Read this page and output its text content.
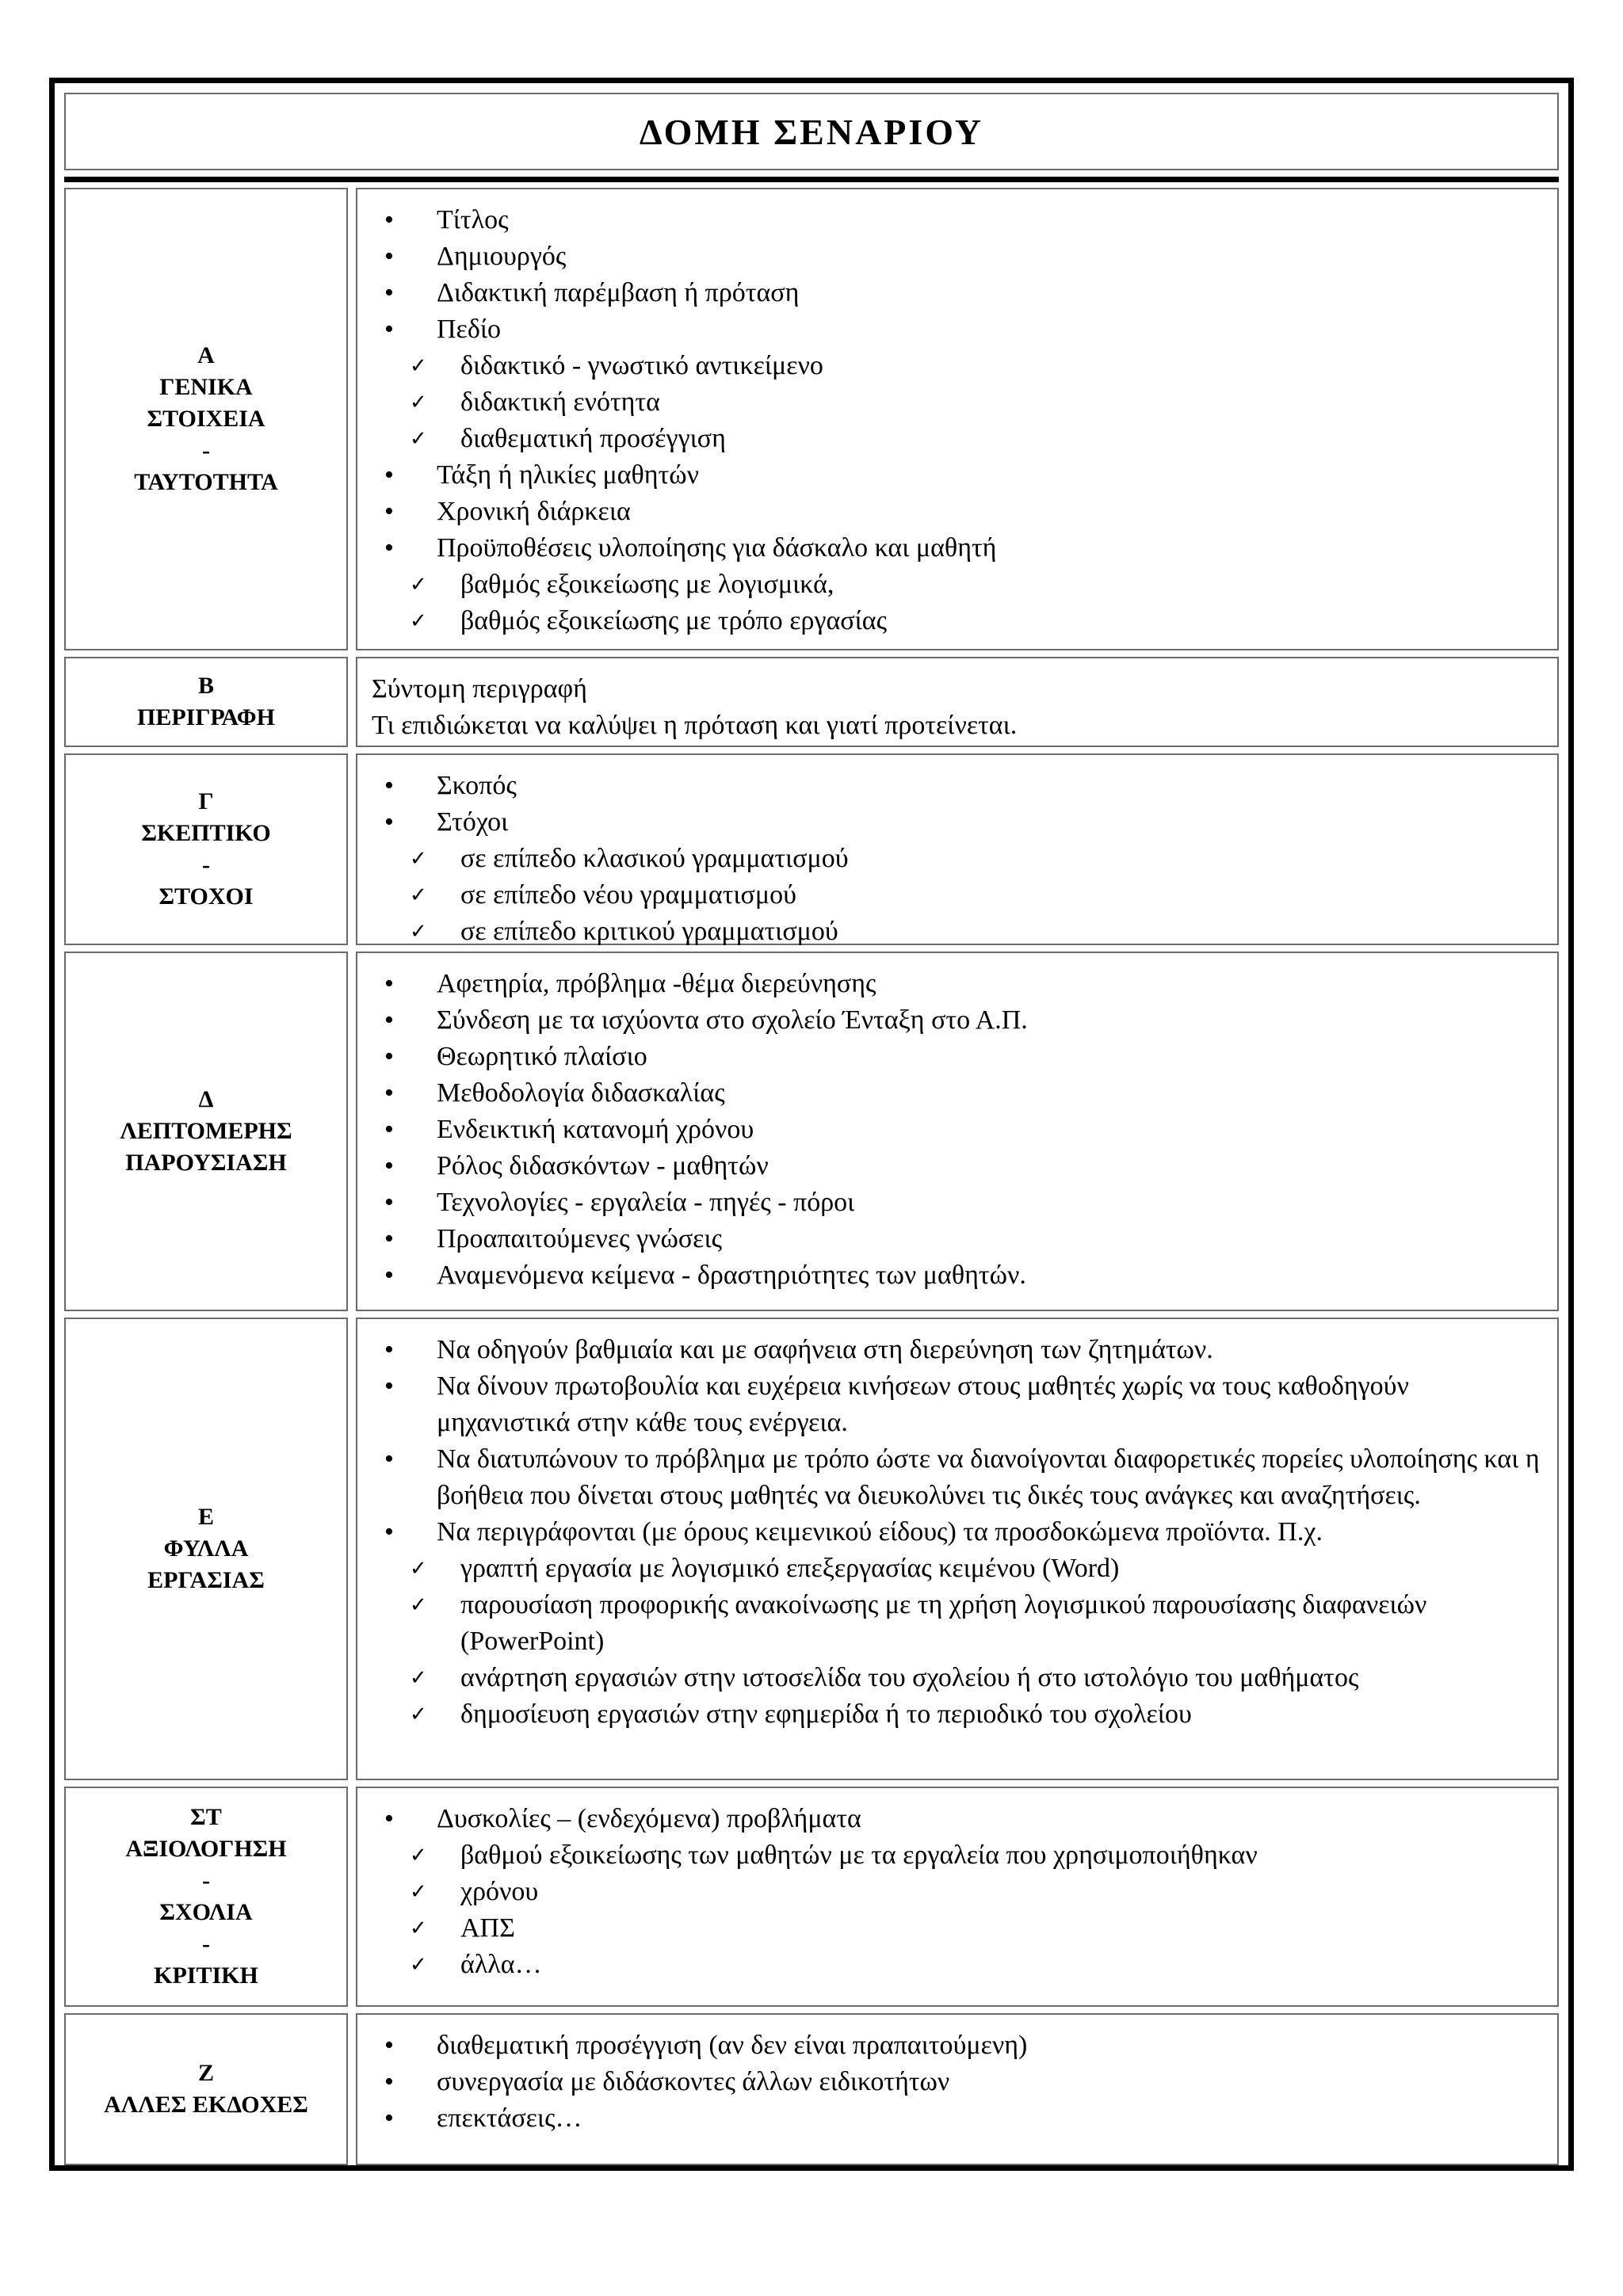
ΔΟΜΗ ΣΕΝΑΡΙΟΥ
Α
ΓΕΝΙΚΑ
ΣΤΟΙΧΕΙΑ
-
ΤΑΥΤΟΤΗΤΑ
• Τίτλος
• Δημιουργός
• Διδακτική παρέμβαση ή πρόταση
• Πεδίο
✓ διδακτικό - γνωστικό αντικείμενο
✓ διδακτική ενότητα
✓ διαθεματική προσέγγιση
• Τάξη ή ηλικίες μαθητών
• Χρονική διάρκεια
• Προϋποθέσεις υλοποίησης για δάσκαλο και μαθητή
✓ βαθμός εξοικείωσης με λογισμικά,
✓ βαθμός εξοικείωσης με τρόπο εργασίας
Β
ΠΕΡΙΓΡΑΦΗ
Σύντομη περιγραφή
Τι επιδιώκεται να καλύψει η πρόταση και γιατί προτείνεται.
Γ
ΣΚΕΠΤΙΚΟ
-
ΣΤΟΧΟΙ
• Σκοπός
• Στόχοι
✓ σε επίπεδο κλασικού γραμματισμού
✓ σε επίπεδο νέου γραμματισμού
✓ σε επίπεδο κριτικού γραμματισμού
Δ
ΛΕΠΤΟΜΕΡΗΣ
ΠΑΡΟΥΣΙΑΣΗ
• Αφετηρία, πρόβλημα -θέμα διερεύνησης
• Σύνδεση με τα ισχύοντα στο σχολείο Ένταξη στο Α.Π.
• Θεωρητικό πλαίσιο
• Μεθοδολογία διδασκαλίας
• Ενδεικτική κατανομή χρόνου
• Ρόλος διδασκόντων - μαθητών
• Τεχνολογίες - εργαλεία - πηγές - πόροι
• Προαπαιτούμενες γνώσεις
• Αναμενόμενα κείμενα - δραστηριότητες των μαθητών.
Ε
ΦΥΛΛΑ
ΕΡΓΑΣΙΑΣ
• Να οδηγούν βαθμιαία και με σαφήνεια στη διερεύνηση των ζητημάτων.
• Να δίνουν πρωτοβουλία και ευχέρεια κινήσεων στους μαθητές χωρίς να τους καθοδηγούν μηχανιστικά στην κάθε τους ενέργεια.
• Να διατυπώνουν το πρόβλημα με τρόπο ώστε να διανοίγονται διαφορετικές πορείες υλοποίησης και η βοήθεια που δίνεται στους μαθητές να διευκολύνει τις δικές τους ανάγκες και αναζητήσεις.
• Να περιγράφονται (με όρους κειμενικού είδους) τα προσδοκώμενα προϊόντα. Π.χ.
✓ γραπτή εργασία με λογισμικό επεξεργασίας κειμένου (Word)
✓ παρουσίαση προφορικής ανακοίνωσης με τη χρήση λογισμικού παρουσίασης διαφανειών (PowerPoint)
✓ ανάρτηση εργασιών στην ιστοσελίδα του σχολείου ή στο ιστολόγιο του μαθήματος
✓ δημοσίευση εργασιών στην εφημερίδα ή το περιοδικό του σχολείου
ΣΤ
ΑΞΙΟΛΟΓΗΣΗ
-
ΣΧΟΛΙΑ
-
ΚΡΙΤΙΚΗ
• Δυσκολίες – (ενδεχόμενα) προβλήματα
✓ βαθμού εξοικείωσης των μαθητών με τα εργαλεία που χρησιμοποιήθηκαν
✓ χρόνου
✓ ΑΠΣ
✓ άλλα…
Ζ
ΑΛΛΕΣ ΕΚΔΟΧΕΣ
• διαθεματική προσέγγιση (αν δεν είναι πραπαιτούμενη)
• συνεργασία με διδάσκοντες άλλων ειδικοτήτων
• επεκτάσεις…
